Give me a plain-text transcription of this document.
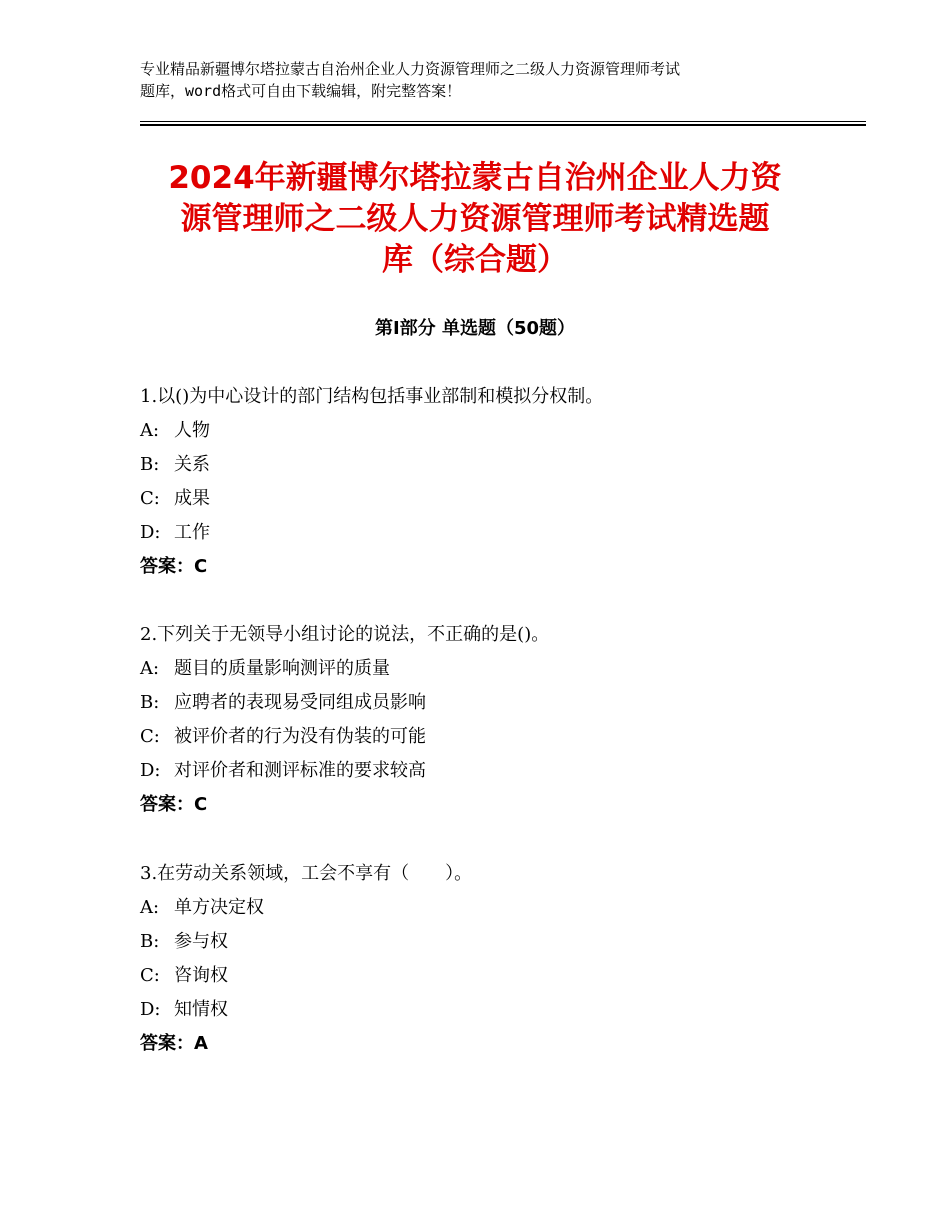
专业精品新疆博尔塔拉蒙古自治州企业人力资源管理师之二级人力资源管理师考试
题库，word格式可自由下载编辑，附完整答案！
2024年新疆博尔塔拉蒙古自治州企业人力资
源管理师之二级人力资源管理师考试精选题
库（综合题）
第Ⅰ部分 单选题（50题）
1.以()为中心设计的部门结构包括事业部制和模拟分权制。
A: 人物
B: 关系
C: 成果
D: 工作
答案：C
2.下列关于无领导小组讨论的说法，不正确的是()。
A: 题目的质量影响测评的质量
B: 应聘者的表现易受同组成员影响
C: 被评价者的行为没有伪装的可能
D: 对评价者和测评标准的要求较高
答案：C
3.在劳动关系领域，工会不享有（　　）。
A: 单方决定权
B: 参与权
C: 咨询权
D: 知情权
答案：A
